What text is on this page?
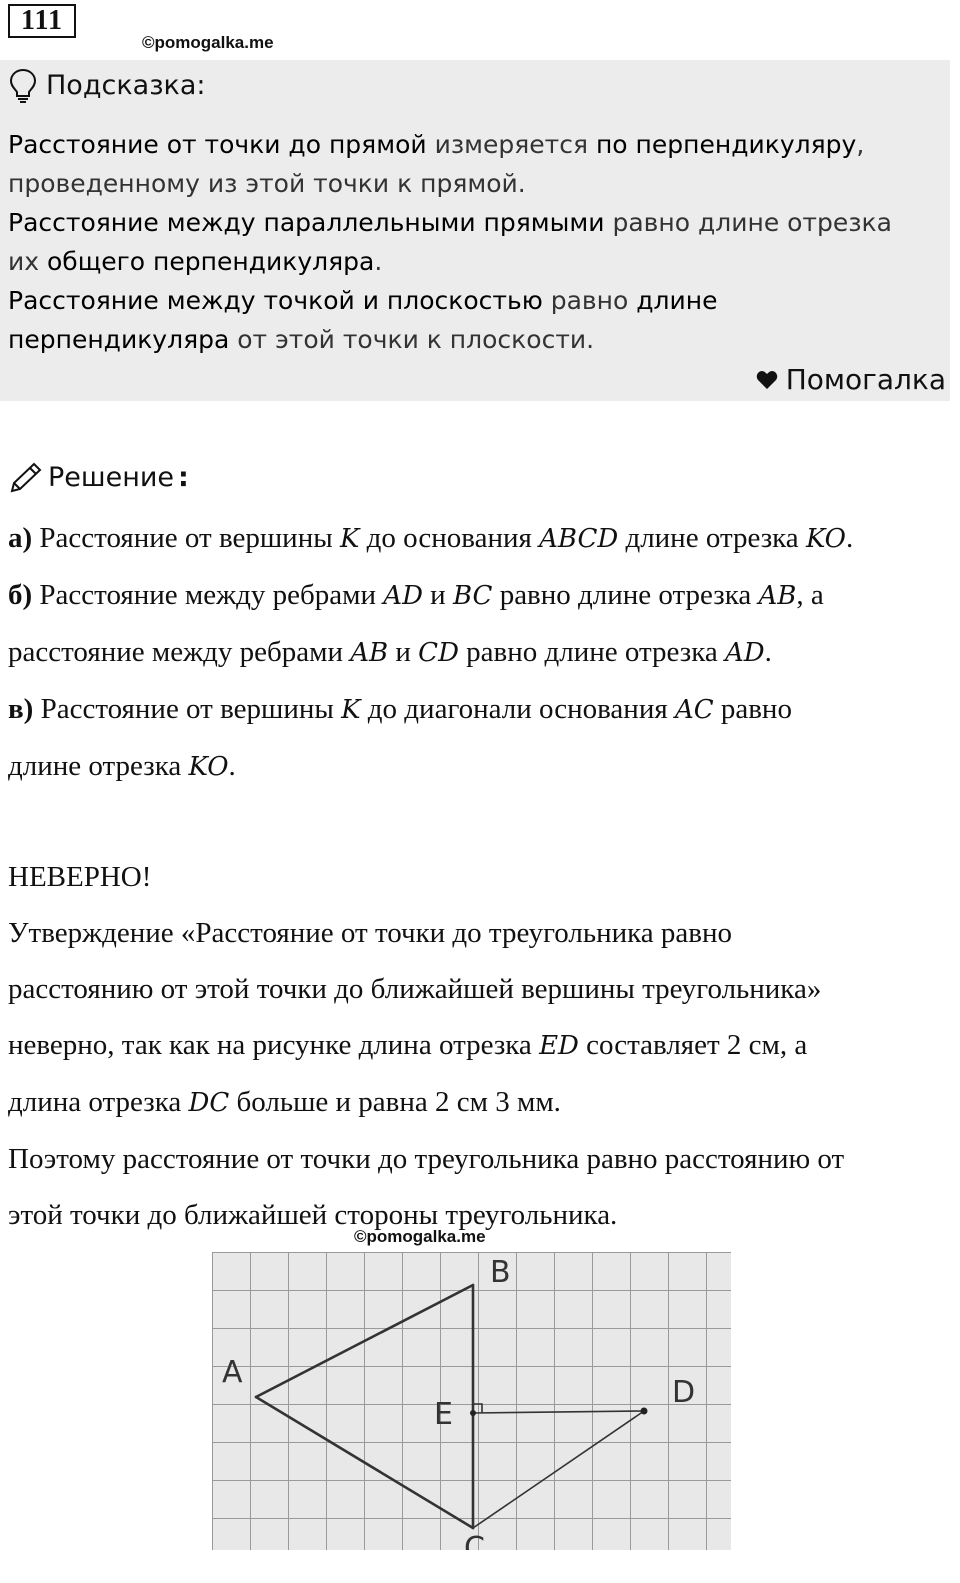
111
©pomogalka.me
Подсказка:

Расстояние от точки до прямой измеряется по перпендикуляру,

проведенному из этой точки к прямой.

Расстояние между параллельными прямыми равно длине отрезка

их общего перпендикуляра.

Расстояние между точкой и плоскостью равно длине

перпендикуляра от этой точки к плоскости.

Помогалка
Решение :

а) Расстояние от вершины K до основания ABCD длине отрезка KO.

б) Расстояние между ребрами AD и BC равно длине отрезка AB, а

расстояние между ребрами AB и CD равно длине отрезка AD.

в) Расстояние от вершины K до диагонали основания AC равно

длине отрезка KO.

НЕВЕРНО!

Утверждение «Расстояние от точки до треугольника равно

расстоянию от этой точки до ближайшей вершины треугольника»

неверно, так как на рисунке длина отрезка ED составляет 2 см, а

длина отрезка DC больше и равна 2 см 3 мм.

Поэтому расстояние от точки до треугольника равно расстоянию от

этой точки до ближайшей стороны треугольника.

©pomogalka.me
A
B
C
D
E
